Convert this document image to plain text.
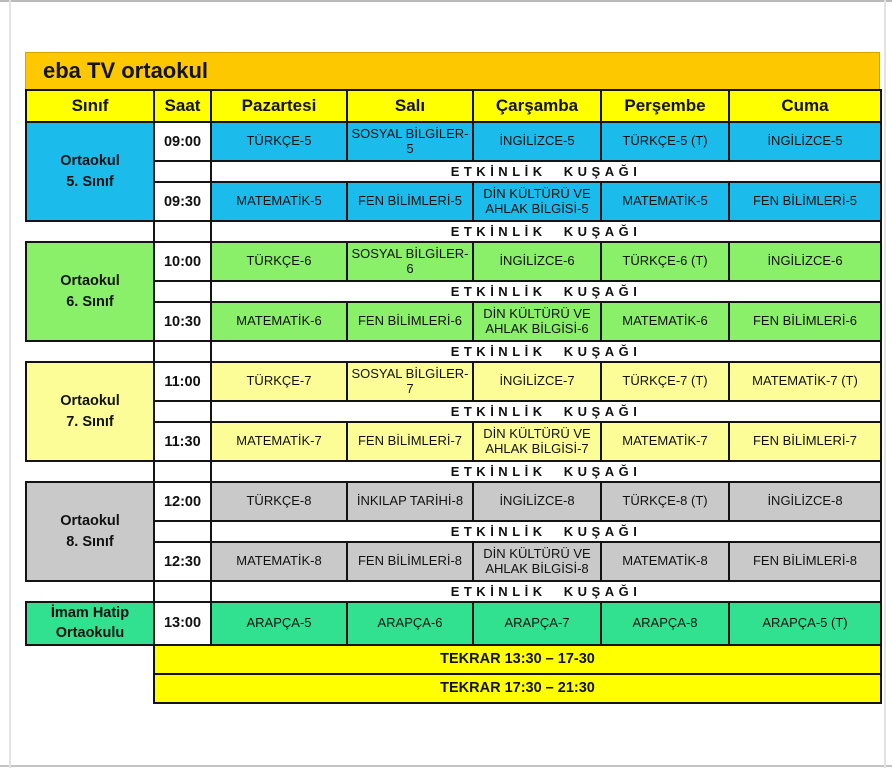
eba TV ortaokul
Sınıf	Saat	Pazartesi	Salı	Çarşamba	Perşembe	Cuma

Ortaokul
5. Sınıf	09:00	TÜRKÇE-5	SOSYAL BİLGİLER-5	İNGİLİZCE-5	TÜRKÇE-5 (T)	İNGİLİZCE-5
		ETKİNLİK KUŞAĞI				
	09:30	MATEMATİK-5	FEN BİLİMLERİ-5	DİN KÜLTÜRÜ VE AHLAK BİLGİSİ-5	MATEMATİK-5	FEN BİLİMLERİ-5
		ETKİNLİK KUŞAĞI				

Ortaokul
6. Sınıf	10:00	TÜRKÇE-6	SOSYAL BİLGİLER-6	İNGİLİZCE-6	TÜRKÇE-6 (T)	İNGİLİZCE-6
		ETKİNLİK KUŞAĞI				
	10:30	MATEMATİK-6	FEN BİLİMLERİ-6	DİN KÜLTÜRÜ VE AHLAK BİLGİSİ-6	MATEMATİK-6	FEN BİLİMLERİ-6
		ETKİNLİK KUŞAĞI				

Ortaokul
7. Sınıf	11:00	TÜRKÇE-7	SOSYAL BİLGİLER-7	İNGİLİZCE-7	TÜRKÇE-7 (T)	MATEMATİK-7 (T)
		ETKİNLİK KUŞAĞI				
	11:30	MATEMATİK-7	FEN BİLİMLERİ-7	DİN KÜLTÜRÜ VE AHLAK BİLGİSİ-7	MATEMATİK-7	FEN BİLİMLERİ-7
		ETKİNLİK KUŞAĞI				

Ortaokul
8. Sınıf	12:00	TÜRKÇE-8	İNKILAP TARİHİ-8	İNGİLİZCE-8	TÜRKÇE-8 (T)	İNGİLİZCE-8
		ETKİNLİK KUŞAĞI				
	12:30	MATEMATİK-8	FEN BİLİMLERİ-8	DİN KÜLTÜRÜ VE AHLAK BİLGİSİ-8	MATEMATİK-8	FEN BİLİMLERİ-8
		ETKİNLİK KUŞAĞI				

İmam Hatip
Ortaokulu	13:00	ARAPÇA-5	ARAPÇA-6	ARAPÇA-7	ARAPÇA-8	ARAPÇA-5 (T)
	TEKRAR 13:30 – 17-30					
	TEKRAR 17:30 – 21:30					
